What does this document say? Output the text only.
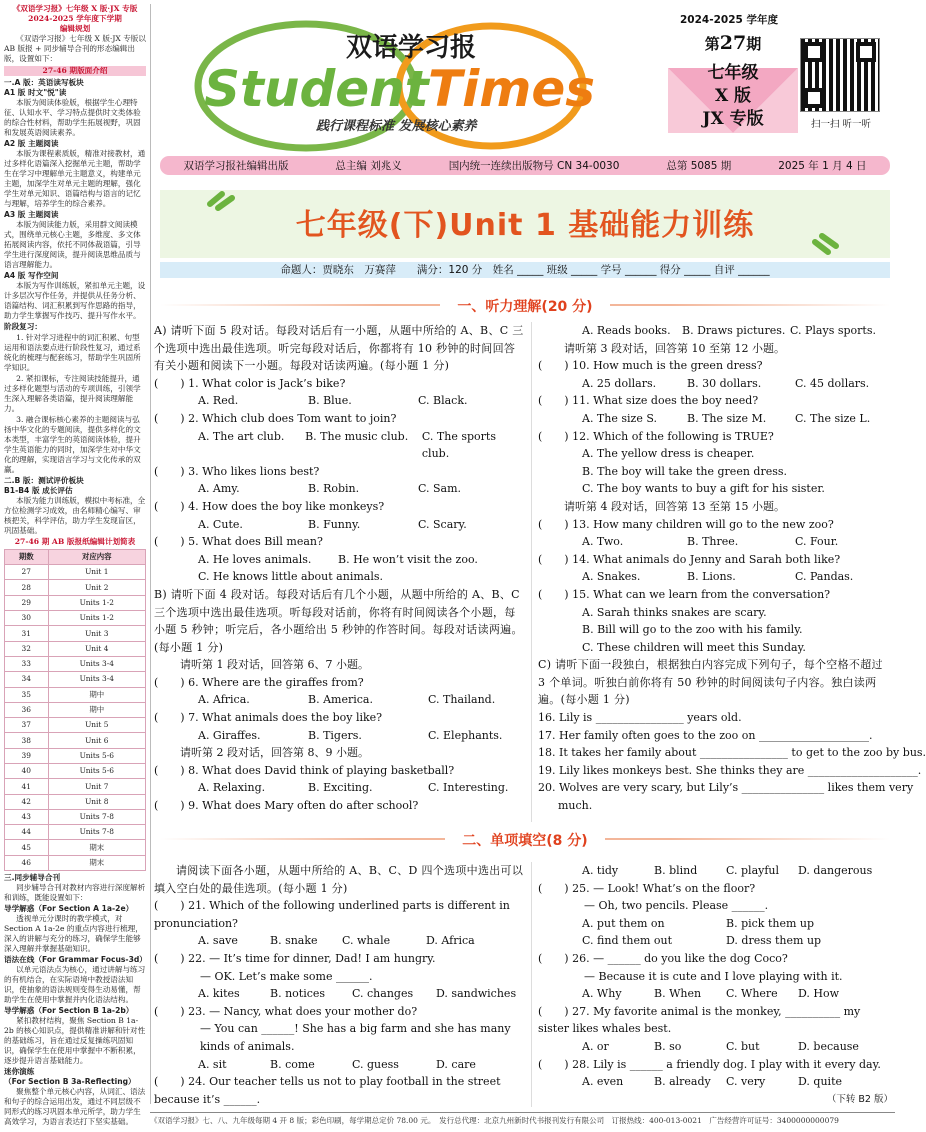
《双语学习报》七年级 X 版·JX 专版
2024-2025 学年度下学期
编辑规划
《双语学习报》七年级 X 版·JX 专版以 AB 版报 + 同步辅导合刊的形态编辑出版，设置如下：
27-46 期版面介绍
一.A 版：英语读写板块
A1 版 时文"悦"读
本版为阅读体验版，根据学生心理特征、认知水平、学习特点提供时文类体验的综合性材料，帮助学生拓展视野，巩固和发展英语阅读素养。
A2 版 主题阅读
本版为课程素质版，精准对接教材，通过多样化语篇深入挖掘单元主题，帮助学生在学习中理解单元主题意义，构建单元主题，加深学生对单元主题的理解，强化学生对单元知识、语篇结构与语言的记忆与理解，培养学生的综合素养。
A3 版 主题阅读
本版为阅读能力版，采用群文阅读模式，围绕单元核心主题，多维度、多文体拓展阅读内容，依托不同体裁语篇，引导学生进行深度阅读，提升阅读思维品质与语言理解能力。
A4 版 写作空间
本版为写作训练版，紧扣单元主题，设计多层次写作任务，并提供从任务分析、语篇结构、词汇积累到写作思路的指导，助力学生掌握写作技巧、提升写作水平。
阶段复习：
1. 针对学习进程中的词汇积累、句型运用和语法要点进行阶段性复习，通过系统化的梳理与配套练习，帮助学生巩固所学知识。
2. 紧扣课标，专注阅读技能提升，通过多样化题型与活动的专项训练，引领学生深入理解各类语篇，提升阅读理解能力。
3. 融合课标核心素养的主题阅读与弘扬中华文化的专题阅读，提供多样化的文本类型，丰富学生的英语阅读体验，提升学生英语能力的同时，加深学生对中华文化的理解，实现语言学习与文化传承的双赢。
二.B 版：测试评价板块
B1-B4 版 成长评估
本版为能力训练版，模拟中考标准，全方位检测学习成效，由名师精心编写、审核把关，科学评估，助力学生发现盲区，巩固基础。
27-46 期 AB 版报纸编辑计划简表
期数	对应内容
27	Unit 1
28	Unit 2
29	Units 1-2
30	Units 1-2
31	Unit 3
32	Unit 4
33	Units 3-4
34	Units 3-4
35	期中
36	期中
37	Unit 5
38	Unit 6
39	Units 5-6
40	Units 5-6
41	Unit 7
42	Unit 8
43	Units 7-8
44	Units 7-8
45	期末
46	期末
三.同步辅导合刊
同步辅导合刊对教材内容进行深度解析和训练，既能设置如下：
导学解惑（For Section A 1a-2e）
透视单元分课时的教学模式，对 Section A 1a-2e 的重点内容进行梳理，深入的讲解与充分的练习，确保学生能够深入理解并掌握基础知识。
语法在线（For Grammar Focus-3d）
以单元语法点为核心，通过讲解与练习的有机结合，在实际语境中教授语法知识，使抽象的语法规则变得生动易懂，帮助学生在使用中掌握并内化语法结构。
导学解惑（For Section B 1a-2b）
紧扣教材结构，聚焦 Section B 1a-2b 的核心知识点，提供精准讲解和针对性的基础练习，旨在通过反复操练巩固知识，确保学生在使用中掌握中不断积累，逐步提升语言基础能力。
迷你演练
（For Section B 3a-Reflecting）
聚焦整个单元核心内容，从词汇、语法和句子的综合运用出发，通过不同层级不同形式的练习巩固本单元所学，助力学生高效学习，为语言表达打下坚实基础。
双语学习报
Student Times
践行课程标准 发展核心素养
2024-2025 学年度
第27期
七年级
X 版
JX 专版	扫一扫 听一听
双语学习报社编辑出版	总主编 刘兆义	国内统一连续出版物号 CN 34-0030	总第 5085 期	2025 年 1 月 4 日
七年级(下)Unit 1 基础能力训练
命题人：贾晓东　万赛萍　　满分：120 分　姓名 _____ 班级 _____ 学号 ______ 得分 _____ 自评 ______
一、听力理解(20 分)
A) 请听下面 5 段对话。每段对话后有一小题，从题中所给的 A、B、C 三个选项中选出最佳选项。听完每段对话后，你都将有 10 秒钟的时间回答有关小题和阅读下一小题。每段对话读两遍。(每小题 1 分)
(　　) 1. What color is Jack’s bike?
A. Red.	B. Blue.	C. Black.
(　　) 2. Which club does Tom want to join?
A. The art club.	B. The music club.	C. The sports club.
(　　) 3. Who likes lions best?
A. Amy.	B. Robin.	C. Sam.
(　　) 4. How does the boy like monkeys?
A. Cute.	B. Funny.	C. Scary.
(　　) 5. What does Bill mean?
A. He loves animals.	B. He won’t visit the zoo.
C. He knows little about animals.
B) 请听下面 4 段对话。每段对话后有几个小题，从题中所给的 A、B、C 三个选项中选出最佳选项。听每段对话前，你将有时间阅读各个小题，每小题 5 秒钟；听完后，各小题给出 5 秒钟的作答时间。每段对话读两遍。(每小题 1 分)
请听第 1 段对话，回答第 6、7 小题。
(　　) 6. Where are the giraffes from?
A. Africa.	B. America.	C. Thailand.
(　　) 7. What animals does the boy like?
A. Giraffes.	B. Tigers.	C. Elephants.
请听第 2 段对话，回答第 8、9 小题。
(　　) 8. What does David think of playing basketball?
A. Relaxing.	B. Exciting.	C. Interesting.
(　　) 9. What does Mary often do after school?
A. Reads books.	B. Draws pictures. C. Plays sports.
请听第 3 段对话，回答第 10 至第 12 小题。
(　　) 10. How much is the green dress?
A. 25 dollars.	B. 30 dollars.	C. 45 dollars.
(　　) 11. What size does the boy need?
A. The size S.	B. The size M.	C. The size L.
(　　) 12. Which of the following is TRUE?
A. The yellow dress is cheaper.
B. The boy will take the green dress.
C. The boy wants to buy a gift for his sister.
请听第 4 段对话，回答第 13 至第 15 小题。
(　　) 13. How many children will go to the new zoo?
A. Two.	B. Three.	C. Four.
(　　) 14. What animals do Jenny and Sarah both like?
A. Snakes.	B. Lions.	C. Pandas.
(　　) 15. What can we learn from the conversation?
A. Sarah thinks snakes are scary.
B. Bill will go to the zoo with his family.
C. These children will meet this Sunday.
C) 请听下面一段独白，根据独白内容完成下列句子，每个空格不超过 3 个单词。听独白前你将有 50 秒钟的时间阅读句子内容。独白读两遍。(每小题 1 分)
16. Lily is ________________ years old.
17. Her family often goes to the zoo on ____________________.
18. It takes her family about ________________ to get to the zoo by bus.
19. Lily likes monkeys best. She thinks they are ____________________.
20. Wolves are very scary, but Lily’s _______________ likes them very
much.
二、单项填空(8 分)
请阅读下面各小题，从题中所给的 A、B、C、D 四个选项中选出可以填入空白处的最佳选项。(每小题 1 分)
(　　) 21. Which of the following underlined parts is different in pronunciation?
A. save	B. snake	C. whale	D. Africa
(　　) 22. — It’s time for dinner, Dad! I am hungry.
— OK. Let’s make some ______.
A. kites	B. notices	C. changes	D. sandwiches
(　　) 23. — Nancy, what does your mother do?
— You can ______! She has a big farm and she has many kinds of animals.
A. sit	B. come	C. guess	D. care
(　　) 24. Our teacher tells us not to play football in the street because it’s ______.
A. tidy	B. blind	C. playful	D. dangerous
(　　) 25. — Look! What’s on the floor?
— Oh, two pencils. Please ______.
A. put them on	B. pick them up
C. find them out	D. dress them up
(　　) 26. — ______ do you like the dog Coco?
— Because it is cute and I love playing with it.
A. Why	B. When	C. Where	D. How
(　　) 27. My favorite animal is the monkey, __________ my sister likes whales best.
A. or	B. so	C. but	D. because
(　　) 28. Lily is ______ a friendly dog. I play with it every day.
A. even	B. already	C. very	D. quite
（下转 B2 版）
《双语学习报》七、八、九年级每期 4 开 8 版；彩色印刷，每学期总定价 78.00 元。　发行总代理：北京九州新时代书报刊发行有限公司　订报热线：400-013-0021　广告经营许可证号：3400000000079
